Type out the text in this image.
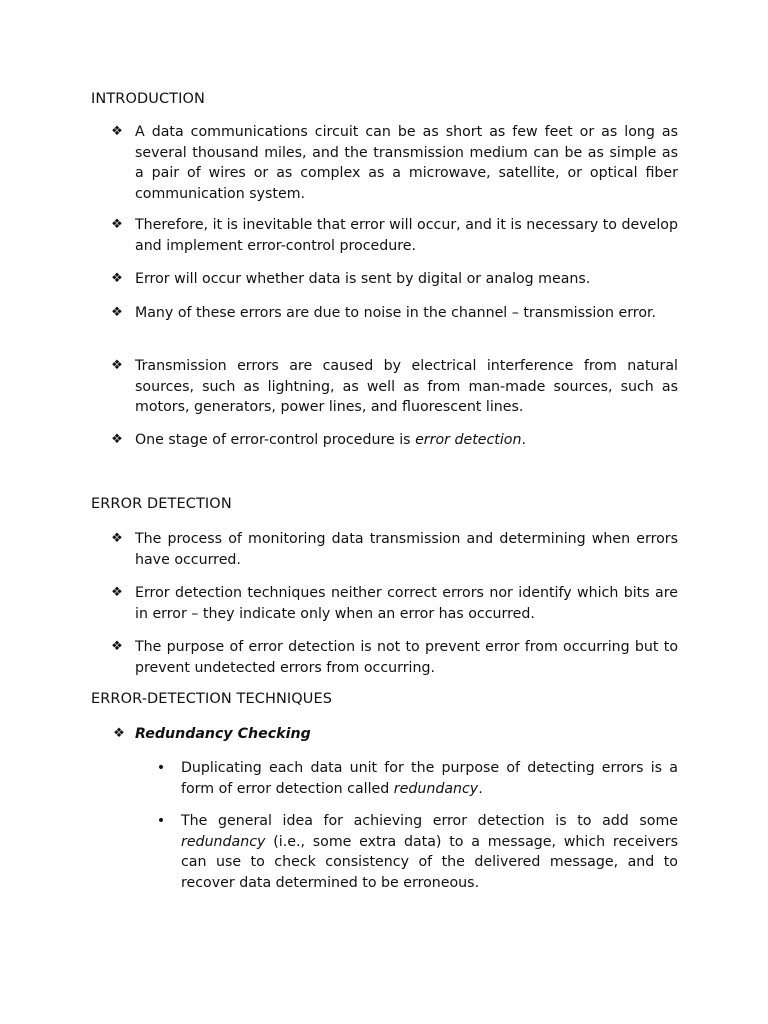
INTRODUCTION
❖ A data communications circuit can be as short as few feet or as long as several thousand miles, and the transmission medium can be as simple as a pair of wires or as complex as a microwave, satellite, or optical fiber communication system.
❖ Therefore, it is inevitable that error will occur, and it is necessary to develop and implement error-control procedure.
❖ Error will occur whether data is sent by digital or analog means.
❖ Many of these errors are due to noise in the channel – transmission error.
❖ Transmission errors are caused by electrical interference from natural sources, such as lightning, as well as from man-made sources, such as motors, generators, power lines, and fluorescent lines.
❖ One stage of error-control procedure is error detection.
ERROR DETECTION
❖ The process of monitoring data transmission and determining when errors have occurred.
❖ Error detection techniques neither correct errors nor identify which bits are in error – they indicate only when an error has occurred.
❖ The purpose of error detection is not to prevent error from occurring but to prevent undetected errors from occurring.
ERROR-DETECTION TECHNIQUES
❖ Redundancy Checking
• Duplicating each data unit for the purpose of detecting errors is a form of error detection called redundancy.
• The general idea for achieving error detection is to add some redundancy (i.e., some extra data) to a message, which receivers can use to check consistency of the delivered message, and to recover data determined to be erroneous.
